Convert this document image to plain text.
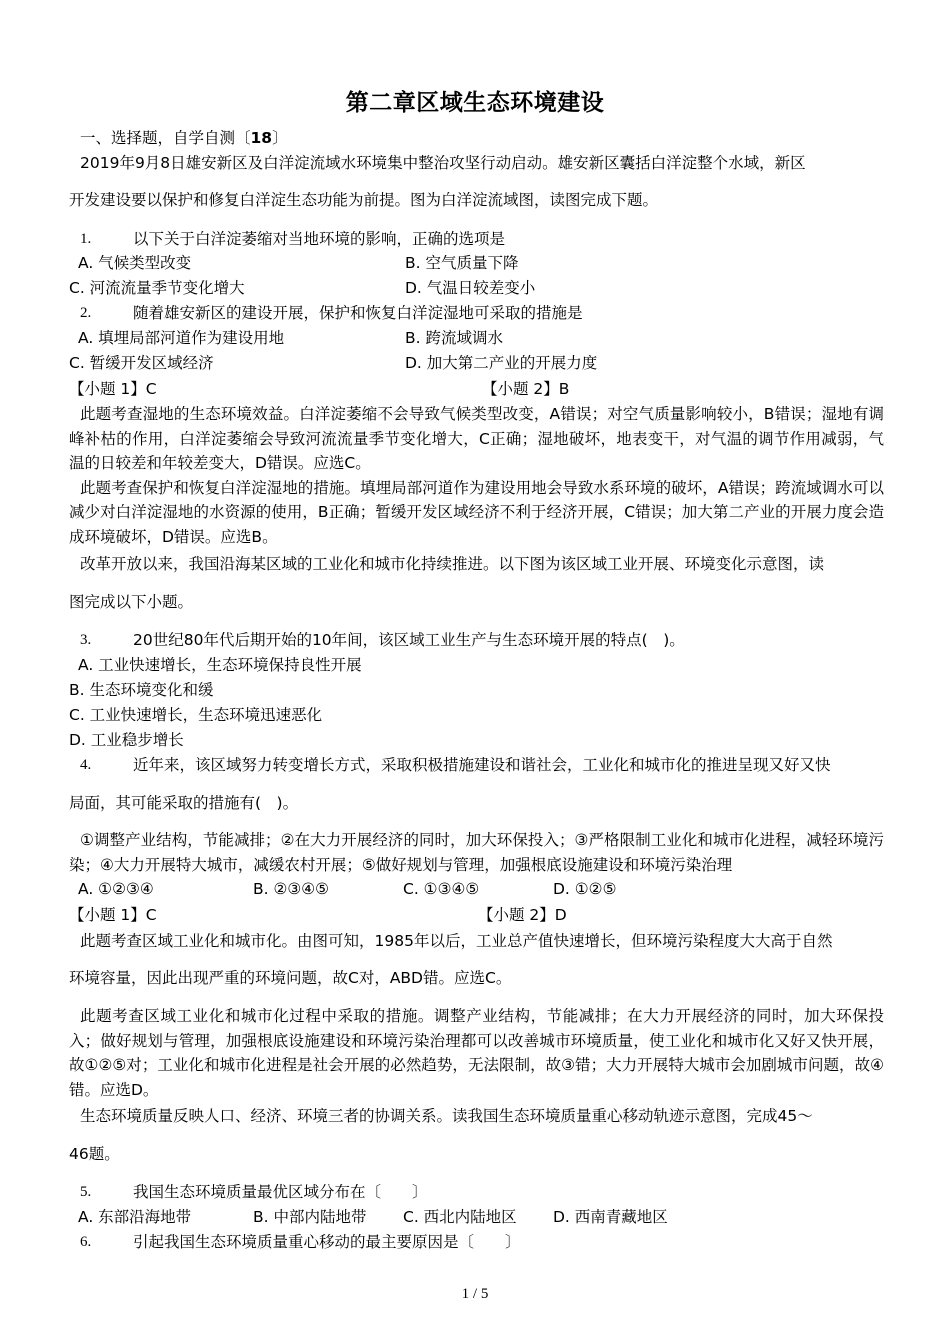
第二章区域生态环境建设
一、选择题，自学自测〔18〕
2019年9月8日雄安新区及白洋淀流域水环境集中整治攻坚行动启动。雄安新区囊括白洋淀整个水域，新区
开发建设要以保护和修复白洋淀生态功能为前提。图为白洋淀流域图，读图完成下题。
1.	以下关于白洋淀萎缩对当地环境的影响，正确的选项是
A. 气候类型改变	B. 空气质量下降
C. 河流流量季节变化增大	D. 气温日较差变小
2.	随着雄安新区的建设开展，保护和恢复白洋淀湿地可采取的措施是
A. 填埋局部河道作为建设用地	B. 跨流域调水
C. 暂缓开发区域经济	D. 加大第二产业的开展力度
【小题 1】C	【小题 2】B

此题考查湿地的生态环境效益。白洋淀萎缩不会导致气候类型改变，A错误；对空气质量影响较小，B错误；湿地有调峰补枯的作用，白洋淀萎缩会导致河流流量季节变化增大，C正确；湿地破坏，地表变干，对气温的调节作用减弱，气温的日较差和年较差变大，D错误。应选C。

此题考查保护和恢复白洋淀湿地的措施。填埋局部河道作为建设用地会导致水系环境的破坏，A错误；跨流域调水可以减少对白洋淀湿地的水资源的使用，B正确；暂缓开发区域经济不利于经济开展，C错误；加大第二产业的开展力度会造成环境破坏，D错误。应选B。

改革开放以来，我国沿海某区域的工业化和城市化持续推进。以下图为该区域工业开展、环境变化示意图，读
图完成以下小题。
3.	20世纪80年代后期开始的10年间，该区域工业生产与生态环境开展的特点(　)。
A. 工业快速增长，生态环境保持良性开展
B. 生态环境变化和缓
C. 工业快速增长，生态环境迅速恶化
D. 工业稳步增长
4.	近年来，该区域努力转变增长方式，采取积极措施建设和谐社会，工业化和城市化的推进呈现又好又快
局面，其可能采取的措施有(　)。
①调整产业结构，节能减排；②在大力开展经济的同时，加大环保投入；③严格限制工业化和城市化进程，减轻环境污染；④大力开展特大城市，减缓农村开展；⑤做好规划与管理，加强根底设施建设和环境污染治理
A. ①②③④	B. ②③④⑤	C. ①③④⑤	D. ①②⑤
【小题 1】C	【小题 2】D
此题考查区域工业化和城市化。由图可知，1985年以后，工业总产值快速增长，但环境污染程度大大高于自然
环境容量，因此出现严重的环境问题，故C对，ABD错。应选C。
此题考查区域工业化和城市化过程中采取的措施。调整产业结构，节能减排；在大力开展经济的同时，加大环保投入；做好规划与管理，加强根底设施建设和环境污染治理都可以改善城市环境质量，使工业化和城市化又好又快开展，故①②⑤对；工业化和城市化进程是社会开展的必然趋势，无法限制，故③错；大力开展特大城市会加剧城市问题，故④错。应选D。
生态环境质量反映人口、经济、环境三者的协调关系。读我国生态环境质量重心移动轨迹示意图，完成45～
46题。
5.	我国生态环境质量最优区域分布在〔　　〕
A. 东部沿海地带	B. 中部内陆地带 C. 西北内陆地区 D. 西南青藏地区
6.	引起我国生态环境质量重心移动的最主要原因是〔　　〕
1 / 5
